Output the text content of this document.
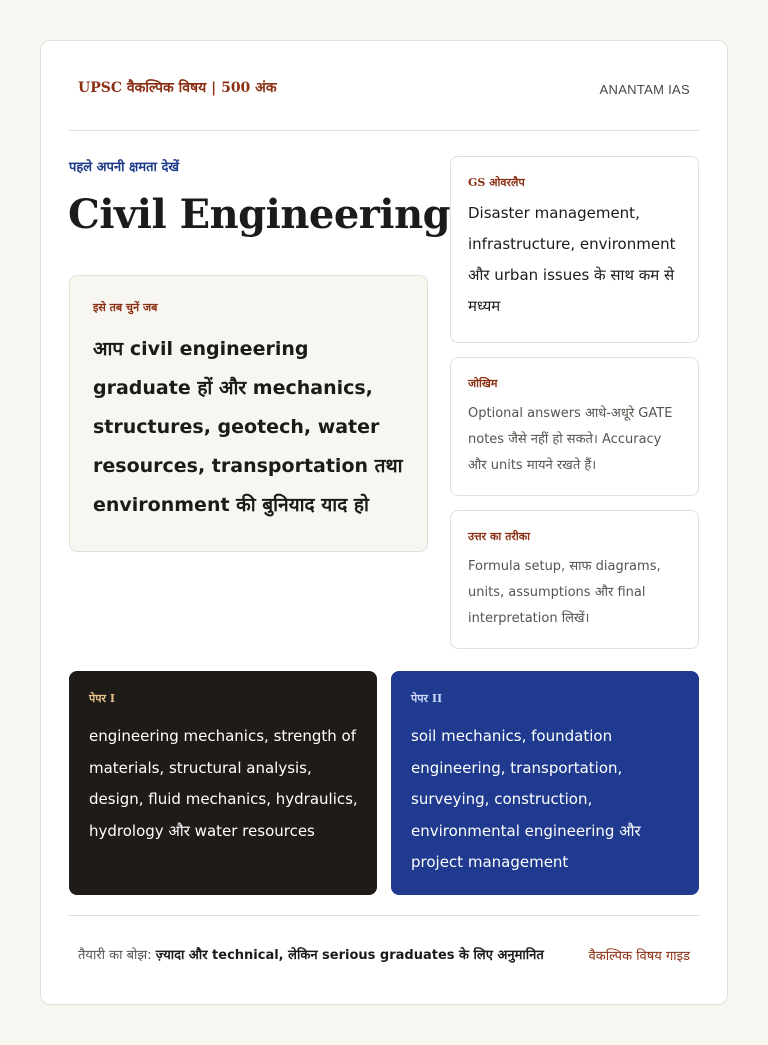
UPSC वैकल्पिक विषय | 500 अंक	ANANTAM IAS
पहले अपनी क्षमता देखें
Civil Engineering
इसे तब चुनें जब
आप civil engineering graduate हों और mechanics, structures, geotech, water resources, transportation तथा environment की बुनियाद याद हो
GS ओवरलैप
Disaster management, infrastructure, environment और urban issues के साथ कम से मध्यम
जोखिम
Optional answers आधे-अधूरे GATE notes जैसे नहीं हो सकते। Accuracy और units मायने रखते हैं।
उत्तर का तरीका
Formula setup, साफ diagrams, units, assumptions और final interpretation लिखें।
पेपर I
engineering mechanics, strength of materials, structural analysis, design, fluid mechanics, hydraulics, hydrology और water resources
पेपर II
soil mechanics, foundation engineering, transportation, surveying, construction, environmental engineering और project management
तैयारी का बोझ: ज़्यादा और technical, लेकिन serious graduates के लिए अनुमानित	वैकल्पिक विषय गाइड
